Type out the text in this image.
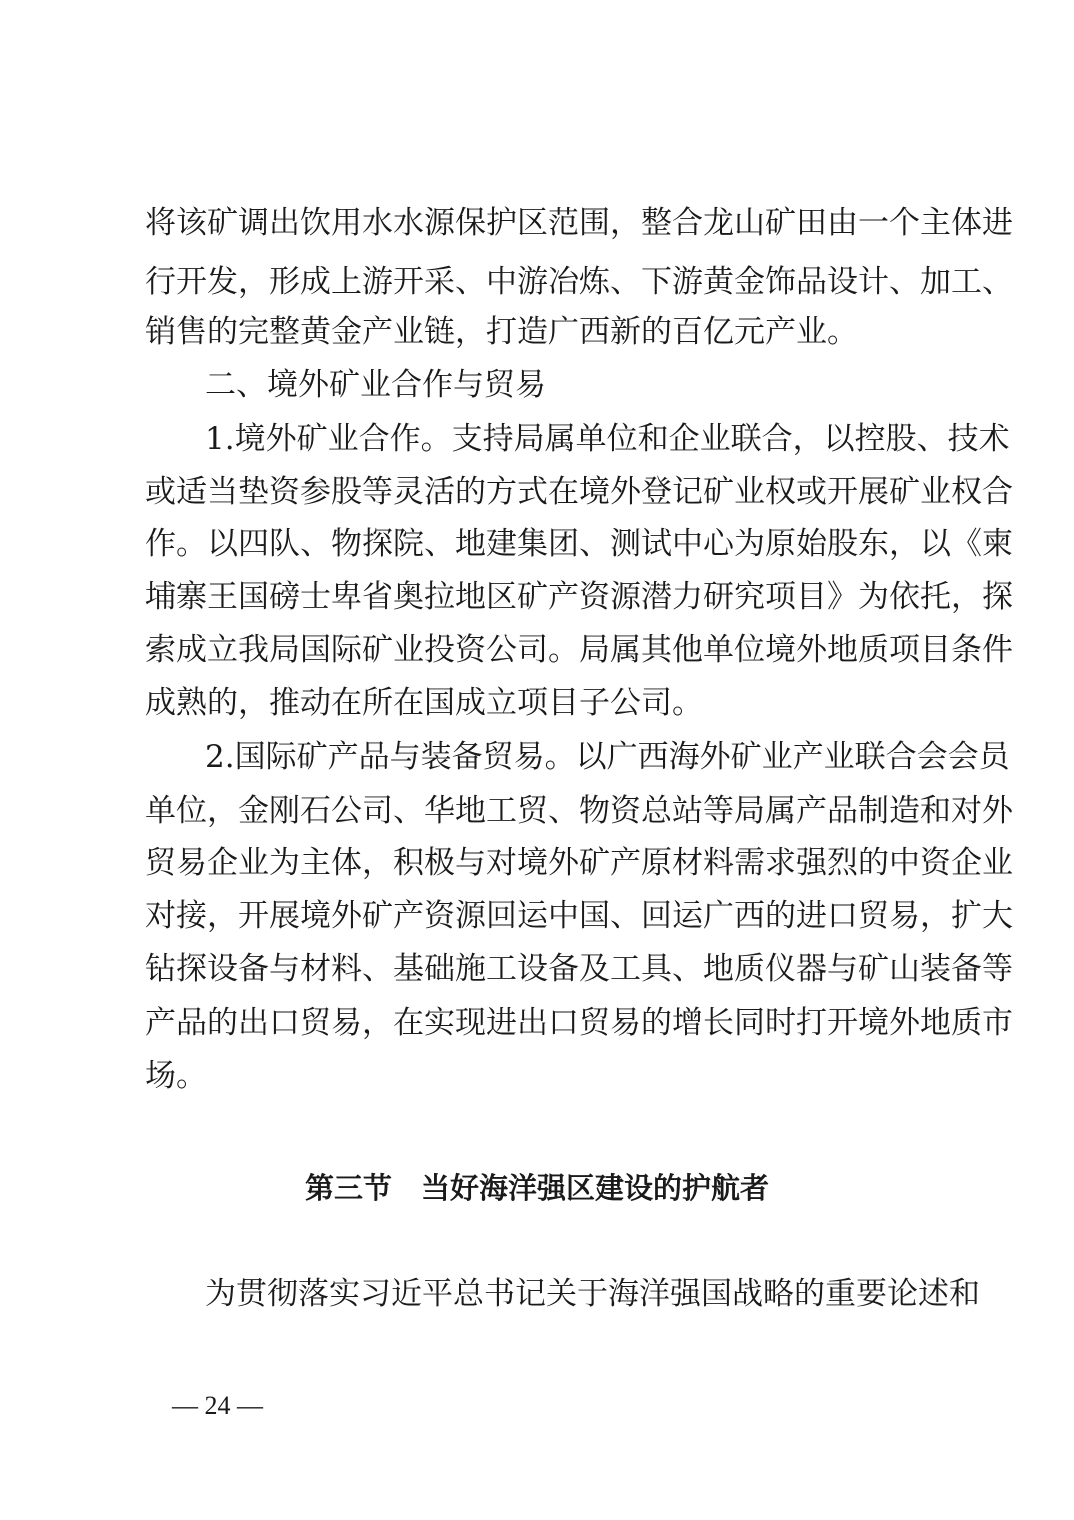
将该矿调出饮用水水源保护区范围，整合龙山矿田由一个主体进
行开发，形成上游开采、中游冶炼、下游黄金饰品设计、加工、
销售的完整黄金产业链，打造广西新的百亿元产业。
二、境外矿业合作与贸易
1.境外矿业合作。支持局属单位和企业联合，以控股、技术
或适当垫资参股等灵活的方式在境外登记矿业权或开展矿业权合
作。以四队、物探院、地建集团、测试中心为原始股东，以《柬
埔寨王国磅士卑省奥拉地区矿产资源潜力研究项目》为依托，探
索成立我局国际矿业投资公司。局属其他单位境外地质项目条件
成熟的，推动在所在国成立项目子公司。
2.国际矿产品与装备贸易。以广西海外矿业产业联合会会员
单位，金刚石公司、华地工贸、物资总站等局属产品制造和对外
贸易企业为主体，积极与对境外矿产原材料需求强烈的中资企业
对接，开展境外矿产资源回运中国、回运广西的进口贸易，扩大
钻探设备与材料、基础施工设备及工具、地质仪器与矿山装备等
产品的出口贸易，在实现进出口贸易的增长同时打开境外地质市
场。
第三节　当好海洋强区建设的护航者
为贯彻落实习近平总书记关于海洋强国战略的重要论述和
— 24 —
